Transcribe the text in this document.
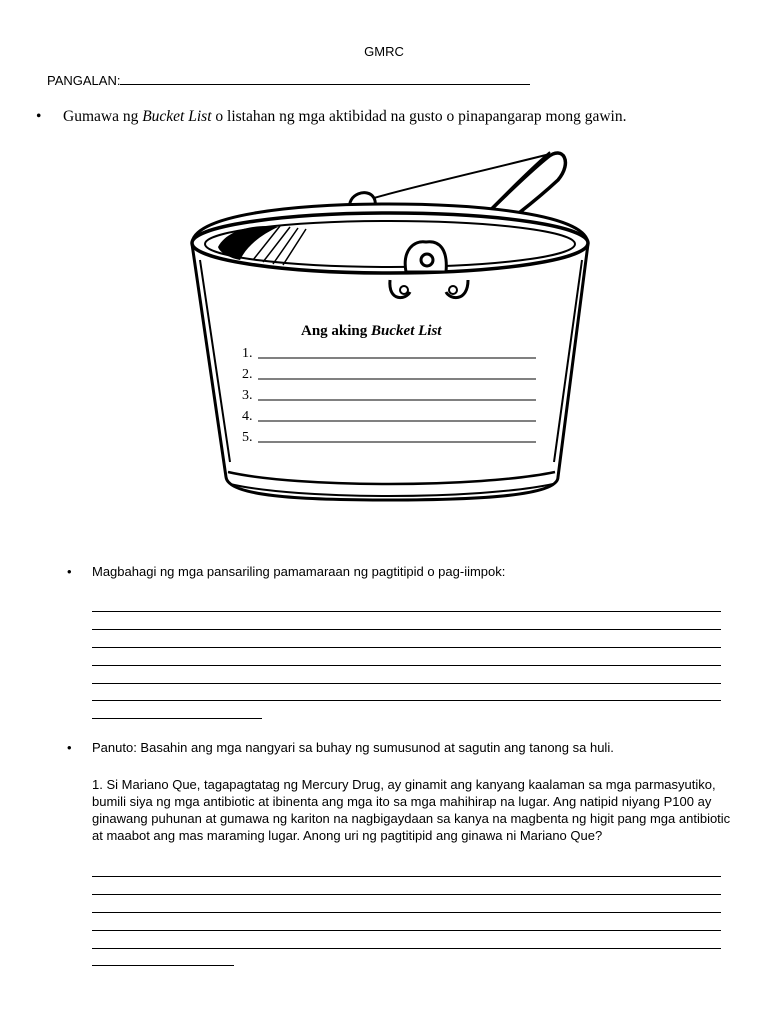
GMRC
PANGALAN:
• Gumawa ng Bucket List o listahan ng mga aktibidad na gusto o pinapangarap mong gawin.
Ang aking Bucket List
1.
2.
3.
4.
5.
• Magbahagi ng mga pansariling pamamaraan ng pagtitipid o pag-iimpok:
• Panuto: Basahin ang mga nangyari sa buhay ng sumusunod at sagutin ang tanong sa huli.
1. Si Mariano Que, tagapagtatag ng Mercury Drug, ay ginamit ang kanyang kaalaman sa mga parmasyutiko, bumili siya ng mga antibiotic at ibinenta ang mga ito sa mga mahihirap na lugar. Ang natipid niyang P100 ay ginawang puhunan at gumawa ng kariton na nagbigaydaan sa kanya na magbenta ng higit pang mga antibiotic at maabot ang mas maraming lugar. Anong uri ng pagtitipid ang ginawa ni Mariano Que?
